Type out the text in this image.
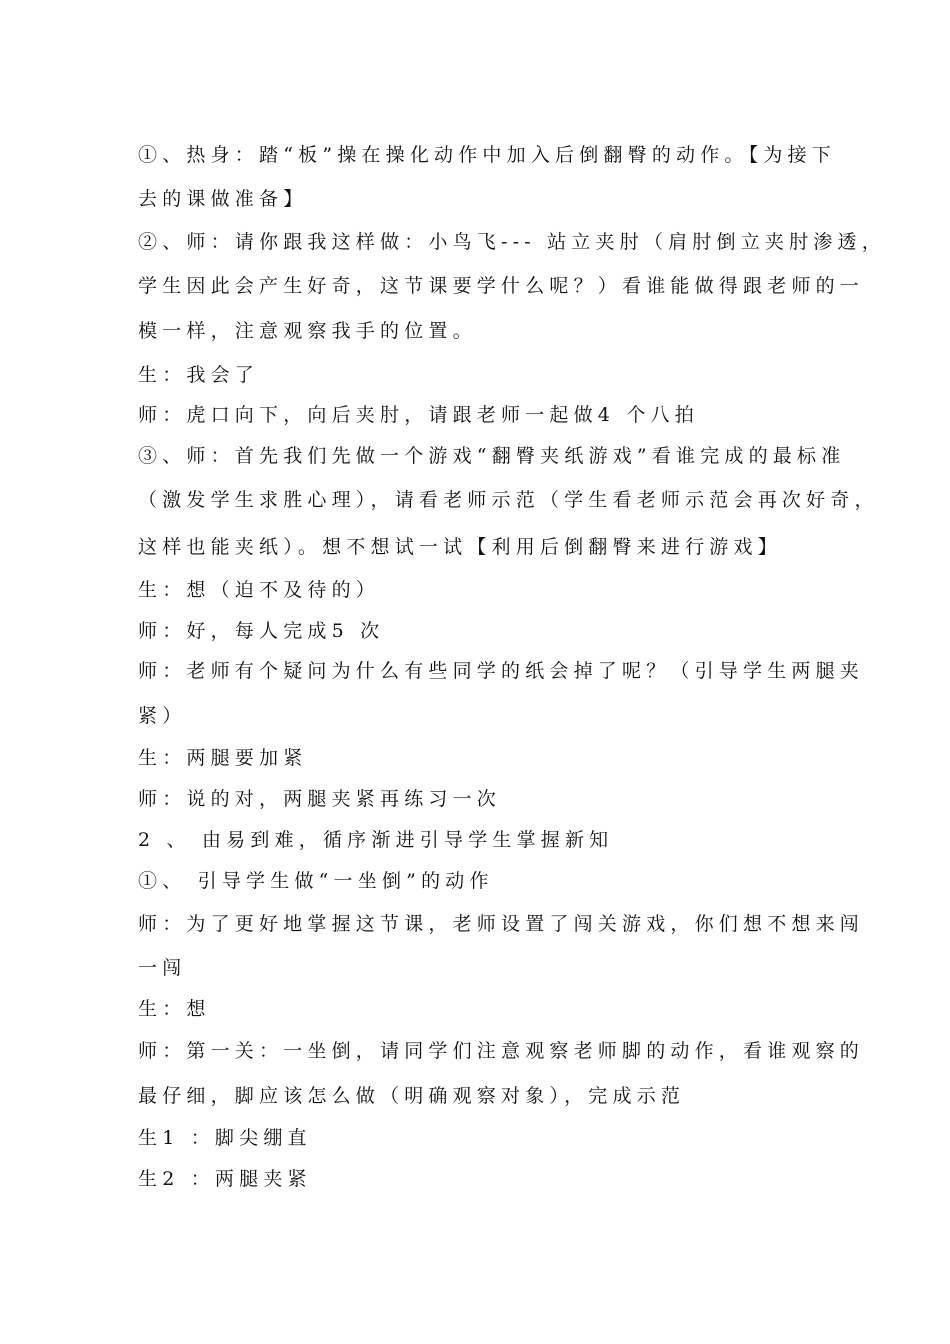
①、热身：踏“板”操在操化动作中加入后倒翻臀的动作。【为接下
去的课做准备】
②、师：请你跟我这样做：小鸟飞--- 站立夹肘（肩肘倒立夹肘渗透，
学生因此会产生好奇，这节课要学什么呢？）看谁能做得跟老师的一
模一样，注意观察我手的位置。
生：我会了
师：虎口向下，向后夹肘，请跟老师一起做4 个八拍
③、师：首先我们先做一个游戏“翻臀夹纸游戏”看谁完成的最标准
（激发学生求胜心理），请看老师示范（学生看老师示范会再次好奇，
这样也能夹纸）。想不想试一试【利用后倒翻臀来进行游戏】
生：想（迫不及待的）
师：好，每人完成5 次
师：老师有个疑问为什么有些同学的纸会掉了呢？（引导学生两腿夹
紧）
生：两腿要加紧
师：说的对，两腿夹紧再练习一次
2 、 由易到难，循序渐进引导学生掌握新知
①、 引导学生做“一坐倒”的动作
师：为了更好地掌握这节课，老师设置了闯关游戏，你们想不想来闯
一闯
生：想
师：第一关：一坐倒，请同学们注意观察老师脚的动作，看谁观察的
最仔细，脚应该怎么做（明确观察对象），完成示范
生1 ：脚尖绷直
生2 ：两腿夹紧
